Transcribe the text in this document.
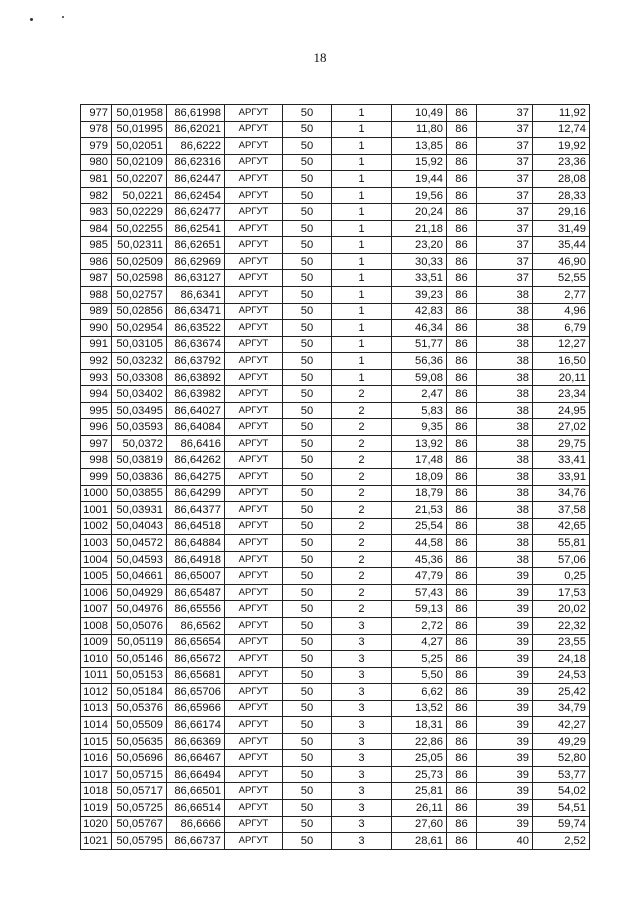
18
977	50,01958	86,61998	АРГУТ	50	1	10,49	86	37	11,92
978	50,01995	86,62021	АРГУТ	50	1	11,80	86	37	12,74
979	50,02051	86,6222	АРГУТ	50	1	13,85	86	37	19,92
980	50,02109	86,62316	АРГУТ	50	1	15,92	86	37	23,36
981	50,02207	86,62447	АРГУТ	50	1	19,44	86	37	28,08
982	50,0221	86,62454	АРГУТ	50	1	19,56	86	37	28,33
983	50,02229	86,62477	АРГУТ	50	1	20,24	86	37	29,16
984	50,02255	86,62541	АРГУТ	50	1	21,18	86	37	31,49
985	50,02311	86,62651	АРГУТ	50	1	23,20	86	37	35,44
986	50,02509	86,62969	АРГУТ	50	1	30,33	86	37	46,90
987	50,02598	86,63127	АРГУТ	50	1	33,51	86	37	52,55
988	50,02757	86,6341	АРГУТ	50	1	39,23	86	38	2,77
989	50,02856	86,63471	АРГУТ	50	1	42,83	86	38	4,96
990	50,02954	86,63522	АРГУТ	50	1	46,34	86	38	6,79
991	50,03105	86,63674	АРГУТ	50	1	51,77	86	38	12,27
992	50,03232	86,63792	АРГУТ	50	1	56,36	86	38	16,50
993	50,03308	86,63892	АРГУТ	50	1	59,08	86	38	20,11
994	50,03402	86,63982	АРГУТ	50	2	2,47	86	38	23,34
995	50,03495	86,64027	АРГУТ	50	2	5,83	86	38	24,95
996	50,03593	86,64084	АРГУТ	50	2	9,35	86	38	27,02
997	50,0372	86,6416	АРГУТ	50	2	13,92	86	38	29,75
998	50,03819	86,64262	АРГУТ	50	2	17,48	86	38	33,41
999	50,03836	86,64275	АРГУТ	50	2	18,09	86	38	33,91
1000	50,03855	86,64299	АРГУТ	50	2	18,79	86	38	34,76
1001	50,03931	86,64377	АРГУТ	50	2	21,53	86	38	37,58
1002	50,04043	86,64518	АРГУТ	50	2	25,54	86	38	42,65
1003	50,04572	86,64884	АРГУТ	50	2	44,58	86	38	55,81
1004	50,04593	86,64918	АРГУТ	50	2	45,36	86	38	57,06
1005	50,04661	86,65007	АРГУТ	50	2	47,79	86	39	0,25
1006	50,04929	86,65487	АРГУТ	50	2	57,43	86	39	17,53
1007	50,04976	86,65556	АРГУТ	50	2	59,13	86	39	20,02
1008	50,05076	86,6562	АРГУТ	50	3	2,72	86	39	22,32
1009	50,05119	86,65654	АРГУТ	50	3	4,27	86	39	23,55
1010	50,05146	86,65672	АРГУТ	50	3	5,25	86	39	24,18
1011	50,05153	86,65681	АРГУТ	50	3	5,50	86	39	24,53
1012	50,05184	86,65706	АРГУТ	50	3	6,62	86	39	25,42
1013	50,05376	86,65966	АРГУТ	50	3	13,52	86	39	34,79
1014	50,05509	86,66174	АРГУТ	50	3	18,31	86	39	42,27
1015	50,05635	86,66369	АРГУТ	50	3	22,86	86	39	49,29
1016	50,05696	86,66467	АРГУТ	50	3	25,05	86	39	52,80
1017	50,05715	86,66494	АРГУТ	50	3	25,73	86	39	53,77
1018	50,05717	86,66501	АРГУТ	50	3	25,81	86	39	54,02
1019	50,05725	86,66514	АРГУТ	50	3	26,11	86	39	54,51
1020	50,05767	86,6666	АРГУТ	50	3	27,60	86	39	59,74
1021	50,05795	86,66737	АРГУТ	50	3	28,61	86	40	2,52
